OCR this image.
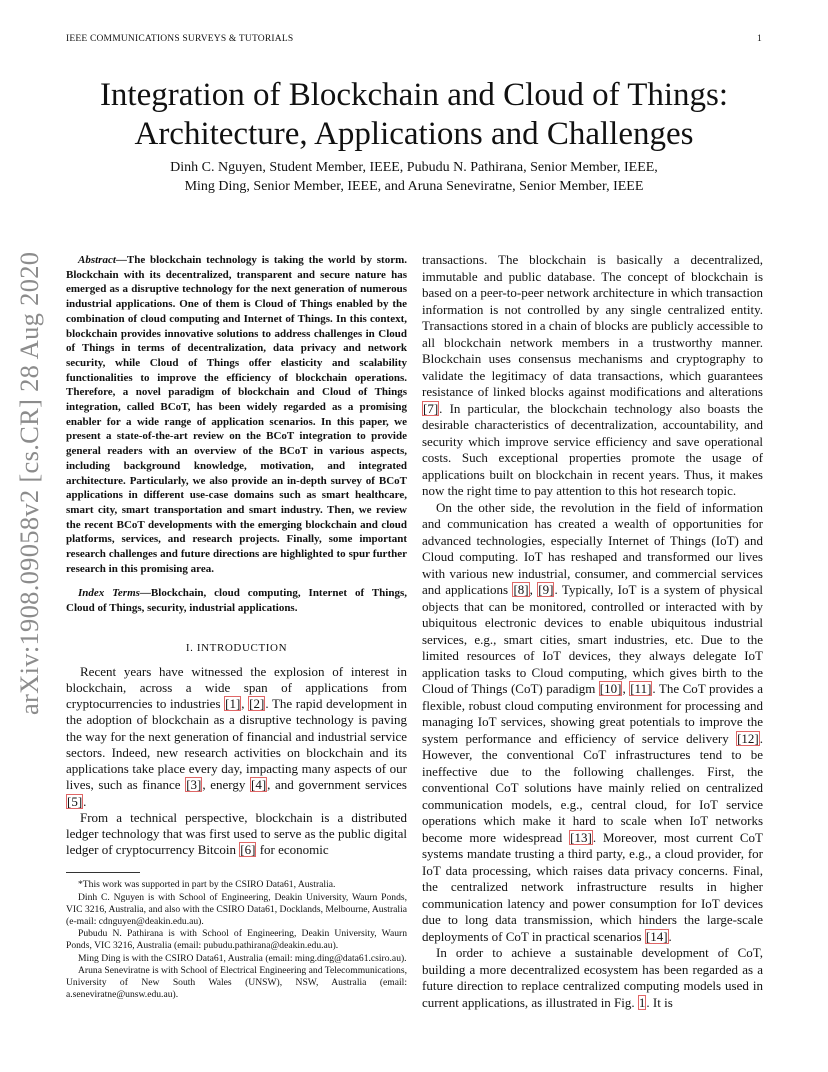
IEEE COMMUNICATIONS SURVEYS & TUTORIALS	1
Integration of Blockchain and Cloud of Things:
Architecture, Applications and Challenges
Dinh C. Nguyen, Student Member, IEEE, Pubudu N. Pathirana, Senior Member, IEEE,
Ming Ding, Senior Member, IEEE, and Aruna Seneviratne, Senior Member, IEEE
arXiv:1908.09058v2 [cs.CR] 28 Aug 2020	Abstract—The blockchain technology is taking the world by storm. Blockchain with its decentralized, transparent and secure nature has emerged as a disruptive technology for the next generation of numerous industrial applications. One of them is Cloud of Things enabled by the combination of cloud computing and Internet of Things. In this context, blockchain provides innovative solutions to address challenges in Cloud of Things in terms of decentralization, data privacy and network security, while Cloud of Things offer elasticity and scalability functionalities to improve the efficiency of blockchain operations. Therefore, a novel paradigm of blockchain and Cloud of Things integration, called BCoT, has been widely regarded as a promising enabler for a wide range of application scenarios. In this paper, we present a state-of-the-art review on the BCoT integration to provide general readers with an overview of the BCoT in various aspects, including background knowledge, motivation, and integrated architecture. Particularly, we also provide an in-depth survey of BCoT applications in different use-case domains such as smart healthcare, smart city, smart transportation and smart industry. Then, we review the recent BCoT developments with the emerging blockchain and cloud platforms, services, and research projects. Finally, some important research challenges and future directions are highlighted to spur further research in this promising area.

Index Terms—Blockchain, cloud computing, Internet of Things, Cloud of Things, security, industrial applications.

I. INTRODUCTION

Recent years have witnessed the explosion of interest in blockchain, across a wide span of applications from cryptocurrencies to industries [1], [2]. The rapid development in the adoption of blockchain as a disruptive technology is paving the way for the next generation of financial and industrial service sectors. Indeed, new research activities on blockchain and its applications take place every day, impacting many aspects of our lives, such as finance [3], energy [4], and government services [5].

From a technical perspective, blockchain is a distributed ledger technology that was first used to serve as the public digital ledger of cryptocurrency Bitcoin [6] for economic

*This work was supported in part by the CSIRO Data61, Australia.

Dinh C. Nguyen is with School of Engineering, Deakin University, Waurn Ponds, VIC 3216, Australia, and also with the CSIRO Data61, Docklands, Melbourne, Australia (e-mail: cdnguyen@deakin.edu.au).

Pubudu N. Pathirana is with School of Engineering, Deakin University, Waurn Ponds, VIC 3216, Australia (email: pubudu.pathirana@deakin.edu.au).

Ming Ding is with the CSIRO Data61, Australia (email: ming.ding@data61.csiro.au).

Aruna Seneviratne is with School of Electrical Engineering and Telecommunications, University of New South Wales (UNSW), NSW, Australia (email: a.seneviratne@unsw.edu.au).

transactions. The blockchain is basically a decentralized, immutable and public database. The concept of blockchain is based on a peer-to-peer network architecture in which transaction information is not controlled by any single centralized entity. Transactions stored in a chain of blocks are publicly accessible to all blockchain network members in a trustworthy manner. Blockchain uses consensus mechanisms and cryptography to validate the legitimacy of data transactions, which guarantees resistance of linked blocks against modifications and alterations [7]. In particular, the blockchain technology also boasts the desirable characteristics of decentralization, accountability, and security which improve service efficiency and save operational costs. Such exceptional properties promote the usage of applications built on blockchain in recent years. Thus, it makes now the right time to pay attention to this hot research topic.

On the other side, the revolution in the field of information and communication has created a wealth of opportunities for advanced technologies, especially Internet of Things (IoT) and Cloud computing. IoT has reshaped and transformed our lives with various new industrial, consumer, and commercial services and applications [8], [9]. Typically, IoT is a system of physical objects that can be monitored, controlled or interacted with by ubiquitous electronic devices to enable ubiquitous industrial services, e.g., smart cities, smart industries, etc. Due to the limited resources of IoT devices, they always delegate IoT application tasks to Cloud computing, which gives birth to the Cloud of Things (CoT) paradigm [10], [11]. The CoT provides a flexible, robust cloud computing environment for processing and managing IoT services, showing great potentials to improve the system performance and efficiency of service delivery [12]. However, the conventional CoT infrastructures tend to be ineffective due to the following challenges. First, the conventional CoT solutions have mainly relied on centralized communication models, e.g., central cloud, for IoT service operations which make it hard to scale when IoT networks become more widespread [13]. Moreover, most current CoT systems mandate trusting a third party, e.g., a cloud provider, for IoT data processing, which raises data privacy concerns. Final, the centralized network infrastructure results in higher communication latency and power consumption for IoT devices due to long data transmission, which hinders the large-scale deployments of CoT in practical scenarios [14].

In order to achieve a sustainable development of CoT, building a more decentralized ecosystem has been regarded as a future direction to replace centralized computing models used in current applications, as illustrated in Fig. 1. It is
